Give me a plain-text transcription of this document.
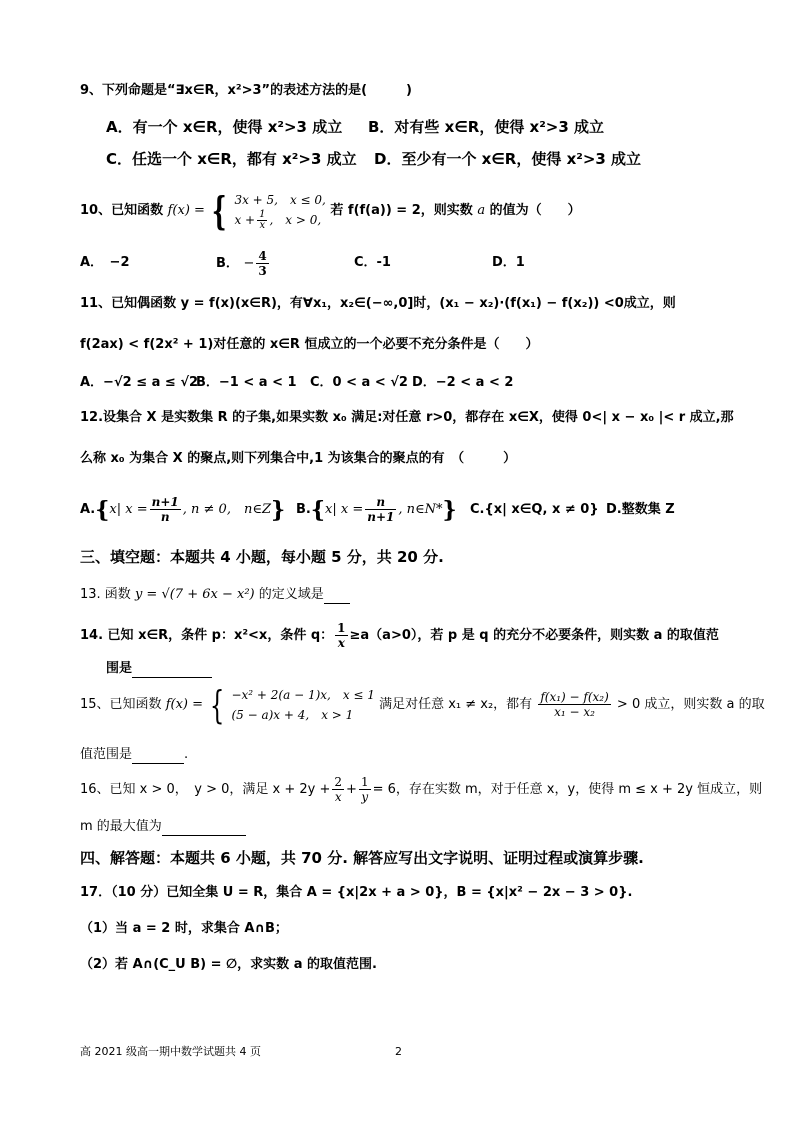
9、下列命题是“∃x∈R，x²>3”的表述方法的是(　　　)
A．有一个 x∈R，使得 x²>3 成立 B．对有些 x∈R，使得 x²>3 成立
C．任选一个 x∈R，都有 x²>3 成立 D．至少有一个 x∈R，使得 x²>3 成立
10、已知函数 f(x) = { 3x + 5,　x ≤ 0,
$x + \frac{1}{x}$ ,　x > 0,
若 f(f(a)) = 2，则实数 a 的值为（　　）
A．　−2	B． − $\frac{4}{3}$	C．-1	D．1
11、已知偶函数 y = f(x)(x∈R)，有∀x₁，x₂∈(−∞,0]时，(x₁ − x₂)·(f(x₁) − f(x₂)) <0成立，则
f(2ax) < f(2x² + 1)对任意的 x∈R 恒成立的一个必要不充分条件是（　　）
A．−√2 ≤ a ≤ √2
B．−1 < a < 1 C．0 < a < √2 D．−2 < a < 2
12.设集合 X 是实数集 R 的子集,如果实数 x₀ 满足:对任意 r>0，都存在 x∈X，使得 0<| x − x₀ |< r 成立,那
么称 x₀ 为集合 X 的聚点,则下列集合中,1 为该集合的聚点的有　（　　　）
A.{x| $x = \frac{n+1}{n}$ , n ≠ 0,　n∈Z} B.{x| $x = \frac{n}{n+1}$ , n∈N*} C.{x| x∈Q, x ≠ 0} D.整数集 Z
三、填空题：本题共 4 小题，每小题 5 分，共 20 分.
13. 函数 y = √(7 + 6x − x²) 的定义域是
14. 已知 x∈R，条件 p：x²<x，条件 q： $\frac{1}{x} \ge a(a>0)$，若 p 是 q 的充分不必要条件，则实数 a 的取值范
围是
15、已知函数 f(x) = { −x² + 2(a − 1)x,　x ≤ 1
(5 − a)x + 4,　x > 1
满足对任意 x₁ ≠ x₂，都有 $\frac{\text{f(x₁) − f(x₂)}}{\text{x₁ − x₂}} > 0$ 成立，则实数 a 的取
值范围是	.
16、已知 x > 0，　y > 0，满足 $x + 2y + \frac{2}{x} + \frac{1}{y} = 6$，存在实数 m，对于任意 x，y，使得 m ≤ x + 2y 恒成立，则
m 的最大值为
四、解答题：本题共 6 小题，共 70 分. 解答应写出文字说明、证明过程或演算步骤.
17．（10 分）已知全集 U = R，集合 A = {x|2x + a > 0}，B = {x|x² − 2x − 3 > 0}.
（1）当 a = 2 时，求集合 A∩B；
（2）若 A∩(C_U B) = ∅，求实数 a 的取值范围.
高 2021 级高一期中数学试题共 4 页	2
